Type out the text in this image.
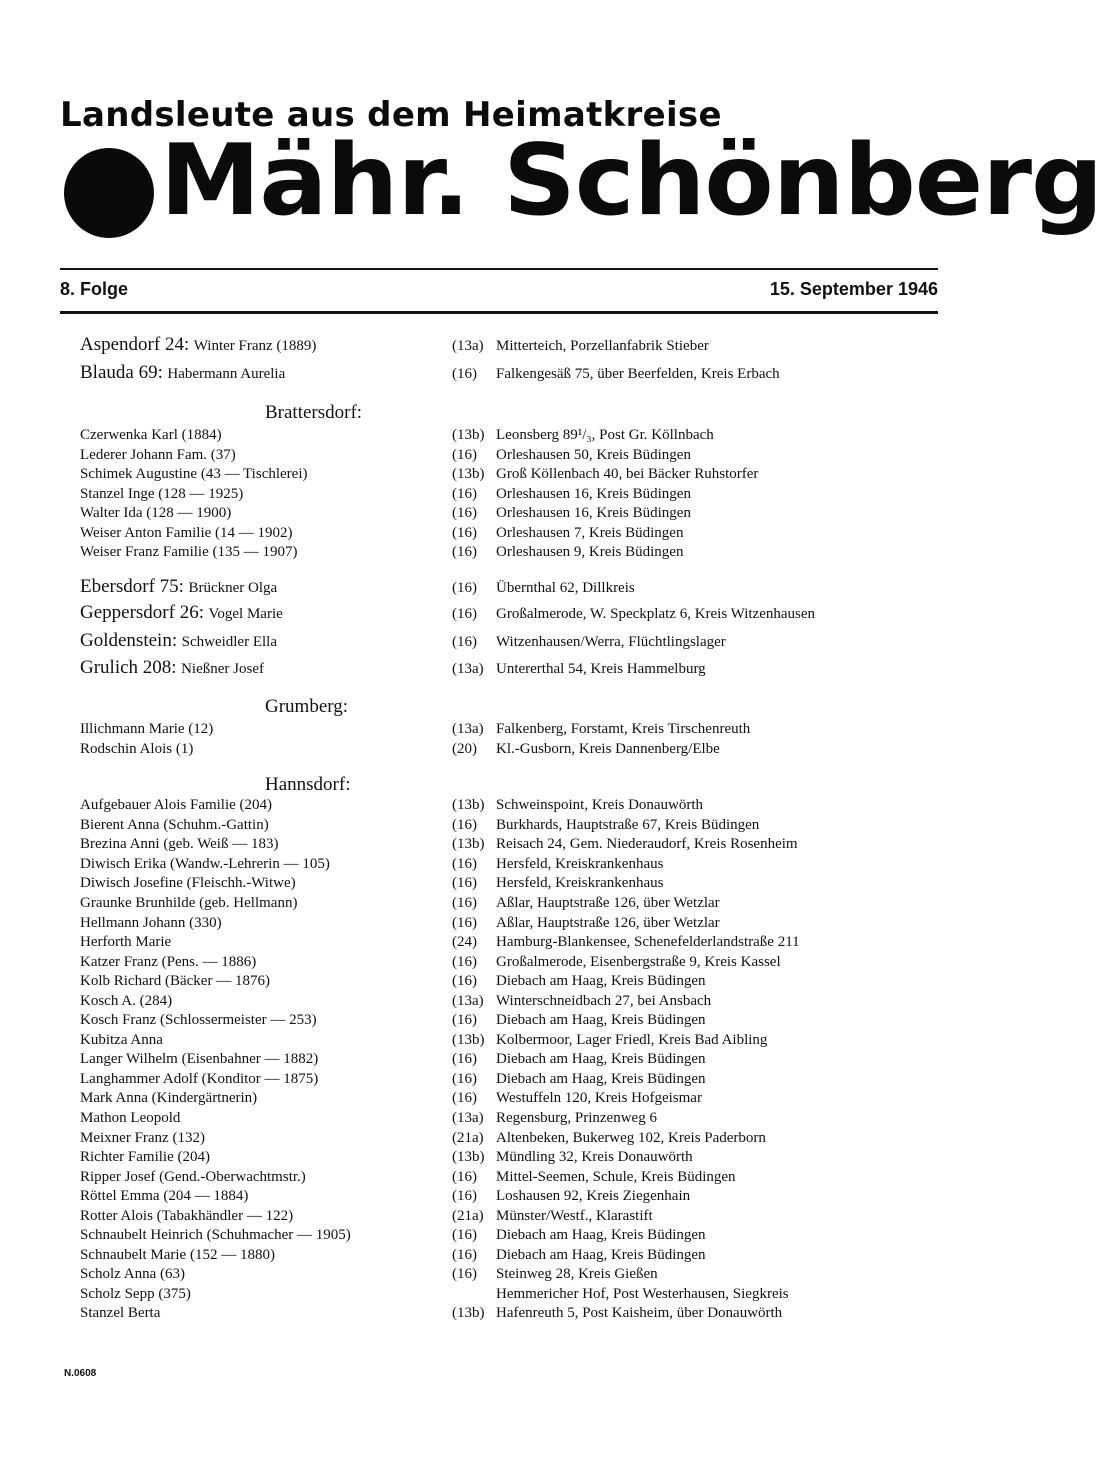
Landsleute aus dem Heimatkreise
Mähr. Schönberg
8. Folge	15. September 1946
Aspendorf 24: Winter Franz (1889)	(13a) Mitterteich, Porzellanfabrik Stieber
Blauda 69: Habermann Aurelia	(16) Falkengesäß 75, über Beerfelden, Kreis Erbach
Brattersdorf:
Czerwenka Karl (1884)	(13b) Leonsberg 89¹/₃, Post Gr. Köllnbach
Lederer Johann Fam. (37)	(16) Orleshausen 50, Kreis Büdingen
Schimek Augustine (43 — Tischlerei)	(13b) Groß Köllenbach 40, bei Bäcker Ruhstorfer
Stanzel Inge (128 — 1925)	(16) Orleshausen 16, Kreis Büdingen
Walter Ida (128 — 1900)	(16) Orleshausen 16, Kreis Büdingen
Weiser Anton Familie (14 — 1902)	(16) Orleshausen 7, Kreis Büdingen
Weiser Franz Familie (135 — 1907)	(16) Orleshausen 9, Kreis Büdingen
Ebersdorf 75: Brückner Olga	(16) Übernthal 62, Dillkreis
Geppersdorf 26: Vogel Marie	(16) Großalmerode, W. Speckplatz 6, Kreis Witzenhausen
Goldenstein: Schweidler Ella	(16) Witzenhausen/Werra, Flüchtlingslager
Grulich 208: Nießner Josef	(13a) Untererthal 54, Kreis Hammelburg
Grumberg:
Illichmann Marie (12)	(13a) Falkenberg, Forstamt, Kreis Tirschenreuth
Rodschin Alois (1)	(20) Kl.-Gusborn, Kreis Dannenberg/Elbe
Hannsdorf:
Aufgebauer Alois Familie (204)	(13b) Schweinspoint, Kreis Donauwörth
Bierent Anna (Schuhm.-Gattin)	(16) Burkhards, Hauptstraße 67, Kreis Büdingen
Brezina Anni (geb. Weiß — 183)	(13b) Reisach 24, Gem. Niederaudorf, Kreis Rosenheim
Diwisch Erika (Wandw.-Lehrerin — 105)	(16) Hersfeld, Kreiskrankenhaus
Diwisch Josefine (Fleischh.-Witwe)	(16) Hersfeld, Kreiskrankenhaus
Graunke Brunhilde (geb. Hellmann)	(16) Aßlar, Hauptstraße 126, über Wetzlar
Hellmann Johann (330)	(16) Aßlar, Hauptstraße 126, über Wetzlar
Herforth Marie	(24) Hamburg-Blankensee, Schenefelderlandstraße 211
Katzer Franz (Pens. — 1886)	(16) Großalmerode, Eisenbergstraße 9, Kreis Kassel
Kolb Richard (Bäcker — 1876)	(16) Diebach am Haag, Kreis Büdingen
Kosch A. (284)	(13a) Winterschneidbach 27, bei Ansbach
Kosch Franz (Schlossermeister — 253)	(16) Diebach am Haag, Kreis Büdingen
Kubitza Anna	(13b) Kolbermoor, Lager Friedl, Kreis Bad Aibling
Langer Wilhelm (Eisenbahner — 1882)	(16) Diebach am Haag, Kreis Büdingen
Langhammer Adolf (Konditor — 1875)	(16) Diebach am Haag, Kreis Büdingen
Mark Anna (Kindergärtnerin)	(16) Westuffeln 120, Kreis Hofgeismar
Mathon Leopold	(13a) Regensburg, Prinzenweg 6
Meixner Franz (132)	(21a) Altenbeken, Bukerweg 102, Kreis Paderborn
Richter Familie (204)	(13b) Mündling 32, Kreis Donauwörth
Ripper Josef (Gend.-Oberwachtmstr.)	(16) Mittel-Seemen, Schule, Kreis Büdingen
Röttel Emma (204 — 1884)	(16) Loshausen 92, Kreis Ziegenhain
Rotter Alois (Tabakhändler — 122)	(21a) Münster/Westf., Klarastift
Schnaubelt Heinrich (Schuhmacher — 1905)	(16) Diebach am Haag, Kreis Büdingen
Schnaubelt Marie (152 — 1880)	(16) Diebach am Haag, Kreis Büdingen
Scholz Anna (63)	(16) Steinweg 28, Kreis Gießen
Scholz Sepp (375)	Hemmericher Hof, Post Westerhausen, Siegkreis
Stanzel Berta	(13b) Hafenreuth 5, Post Kaisheim, über Donauwörth
N.0608
